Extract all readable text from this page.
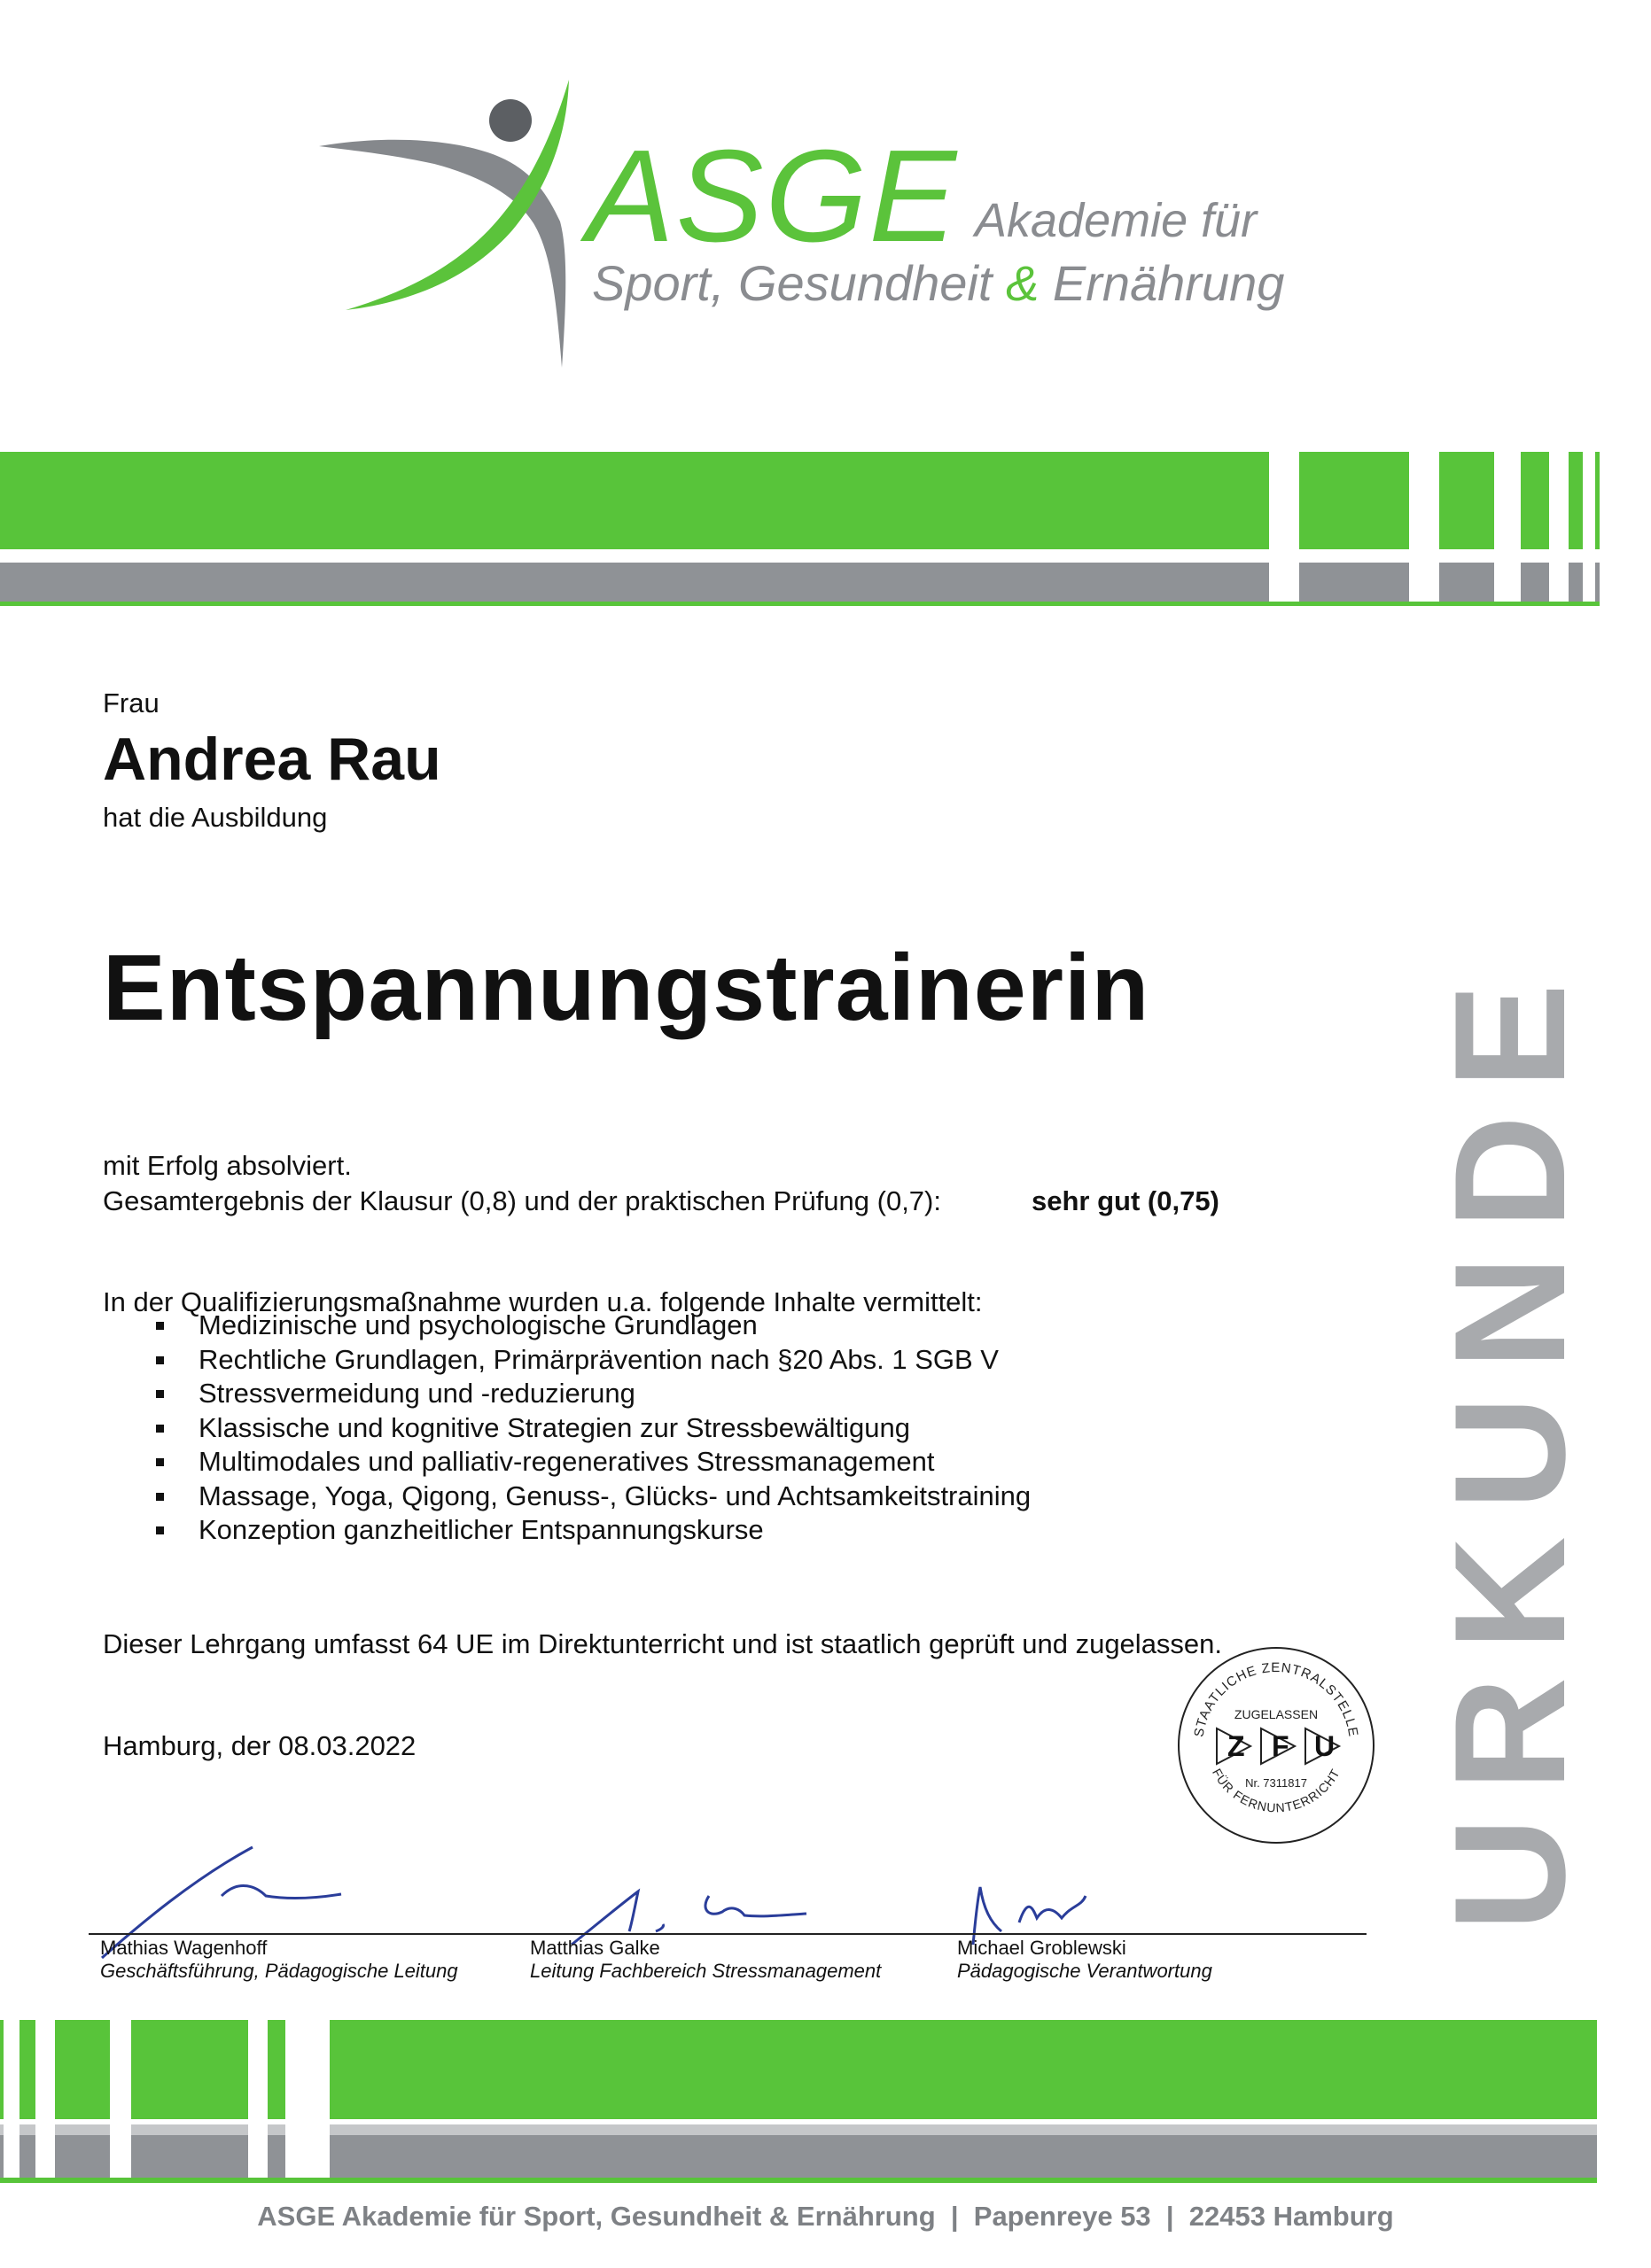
ASGE Akademie für
Sport, Gesundheit & Ernährung
URKUNDE
Frau
Andrea Rau
hat die Ausbildung
Entspannungstrainerin
mit Erfolg absolviert.
Gesamtergebnis der Klausur (0,8) und der praktischen Prüfung (0,7):	sehr gut (0,75)
In der Qualifizierungsmaßnahme wurden u.a. folgende Inhalte vermittelt:
Medizinische und psychologische Grundlagen
Rechtliche Grundlagen, Primärprävention nach §20 Abs. 1 SGB V
Stressvermeidung und -reduzierung
Klassische und kognitive Strategien zur Stressbewältigung
Multimodales und palliativ-regeneratives Stressmanagement
Massage, Yoga, Qigong, Genuss-, Glücks- und Achtsamkeitstraining
Konzeption ganzheitlicher Entspannungskurse
Dieser Lehrgang umfasst 64 UE im Direktunterricht und ist staatlich geprüft und zugelassen.
Hamburg, der 08.03.2022	STAATLICHE ZENTRALSTELLE
FÜR FERNUNTERRICHT
ZUGELASSEN
Z F U
Nr. 7311817
Mathias Wagenhoff
Geschäftsführung, Pädagogische Leitung
Matthias Galke
Leitung Fachbereich Stressmanagement
Michael Groblewski
Pädagogische Verantwortung
ASGE Akademie für Sport, Gesundheit & Ernährung  |  Papenreye 53  |  22453 Hamburg
